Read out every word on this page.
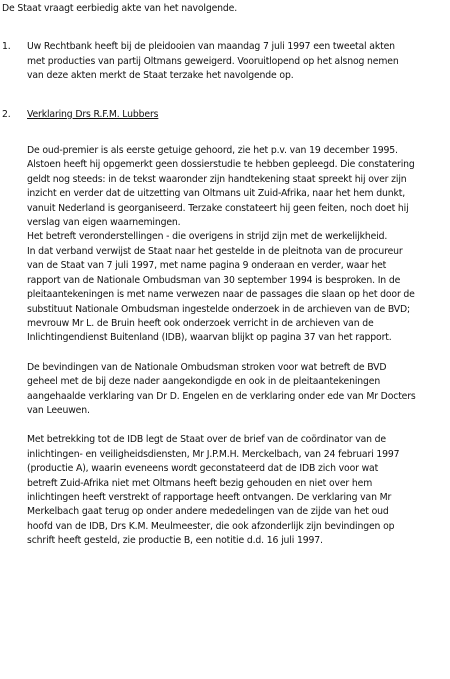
De Staat vraagt eerbiedig akte van het navolgende.
1.	Uw Rechtbank heeft bij de pleidooien van maandag 7 juli 1997 een tweetal akten
met producties van partij Oltmans geweigerd. Vooruitlopend op het alsnog nemen
van deze akten merkt de Staat terzake het navolgende op.
2.	Verklaring Drs R.F.M. Lubbers
De oud-premier is als eerste getuige gehoord, zie het p.v. van 19 december 1995.
Alstoen heeft hij opgemerkt geen dossierstudie te hebben gepleegd. Die constatering
geldt nog steeds: in de tekst waaronder zijn handtekening staat spreekt hij over zijn
inzicht en verder dat de uitzetting van Oltmans uit Zuid-Afrika, naar het hem dunkt,
vanuit Nederland is georganiseerd. Terzake constateert hij geen feiten, noch doet hij
verslag van eigen waarnemingen.
Het betreft veronderstellingen - die overigens in strijd zijn met de werkelijkheid.
In dat verband verwijst de Staat naar het gestelde in de pleitnota van de procureur
van de Staat van 7 juli 1997, met name pagina 9 onderaan en verder, waar het
rapport van de Nationale Ombudsman van 30 september 1994 is besproken. In de
pleitaantekeningen is met name verwezen naar de passages die slaan op het door de
substituut Nationale Ombudsman ingestelde onderzoek in de archieven van de BVD;
mevrouw Mr L. de Bruin heeft ook onderzoek verricht in de archieven van de
Inlichtingendienst Buitenland (IDB), waarvan blijkt op pagina 37 van het rapport.
De bevindingen van de Nationale Ombudsman stroken voor wat betreft de BVD
geheel met de bij deze nader aangekondigde en ook in de pleitaantekeningen
aangehaalde verklaring van Dr D. Engelen en de verklaring onder ede van Mr Docters
van Leeuwen.
Met betrekking tot de IDB legt de Staat over de brief van de coördinator van de
inlichtingen- en veiligheidsdiensten, Mr J.P.M.H. Merckelbach, van 24 februari 1997
(productie A), waarin eveneens wordt geconstateerd dat de IDB zich voor wat
betreft Zuid-Afrika niet met Oltmans heeft bezig gehouden en niet over hem
inlichtingen heeft verstrekt of rapportage heeft ontvangen. De verklaring van Mr
Merkelbach gaat terug op onder andere mededelingen van de zijde van het oud
hoofd van de IDB, Drs K.M. Meulmeester, die ook afzonderlijk zijn bevindingen op
schrift heeft gesteld, zie productie B, een notitie d.d. 16 juli 1997.
